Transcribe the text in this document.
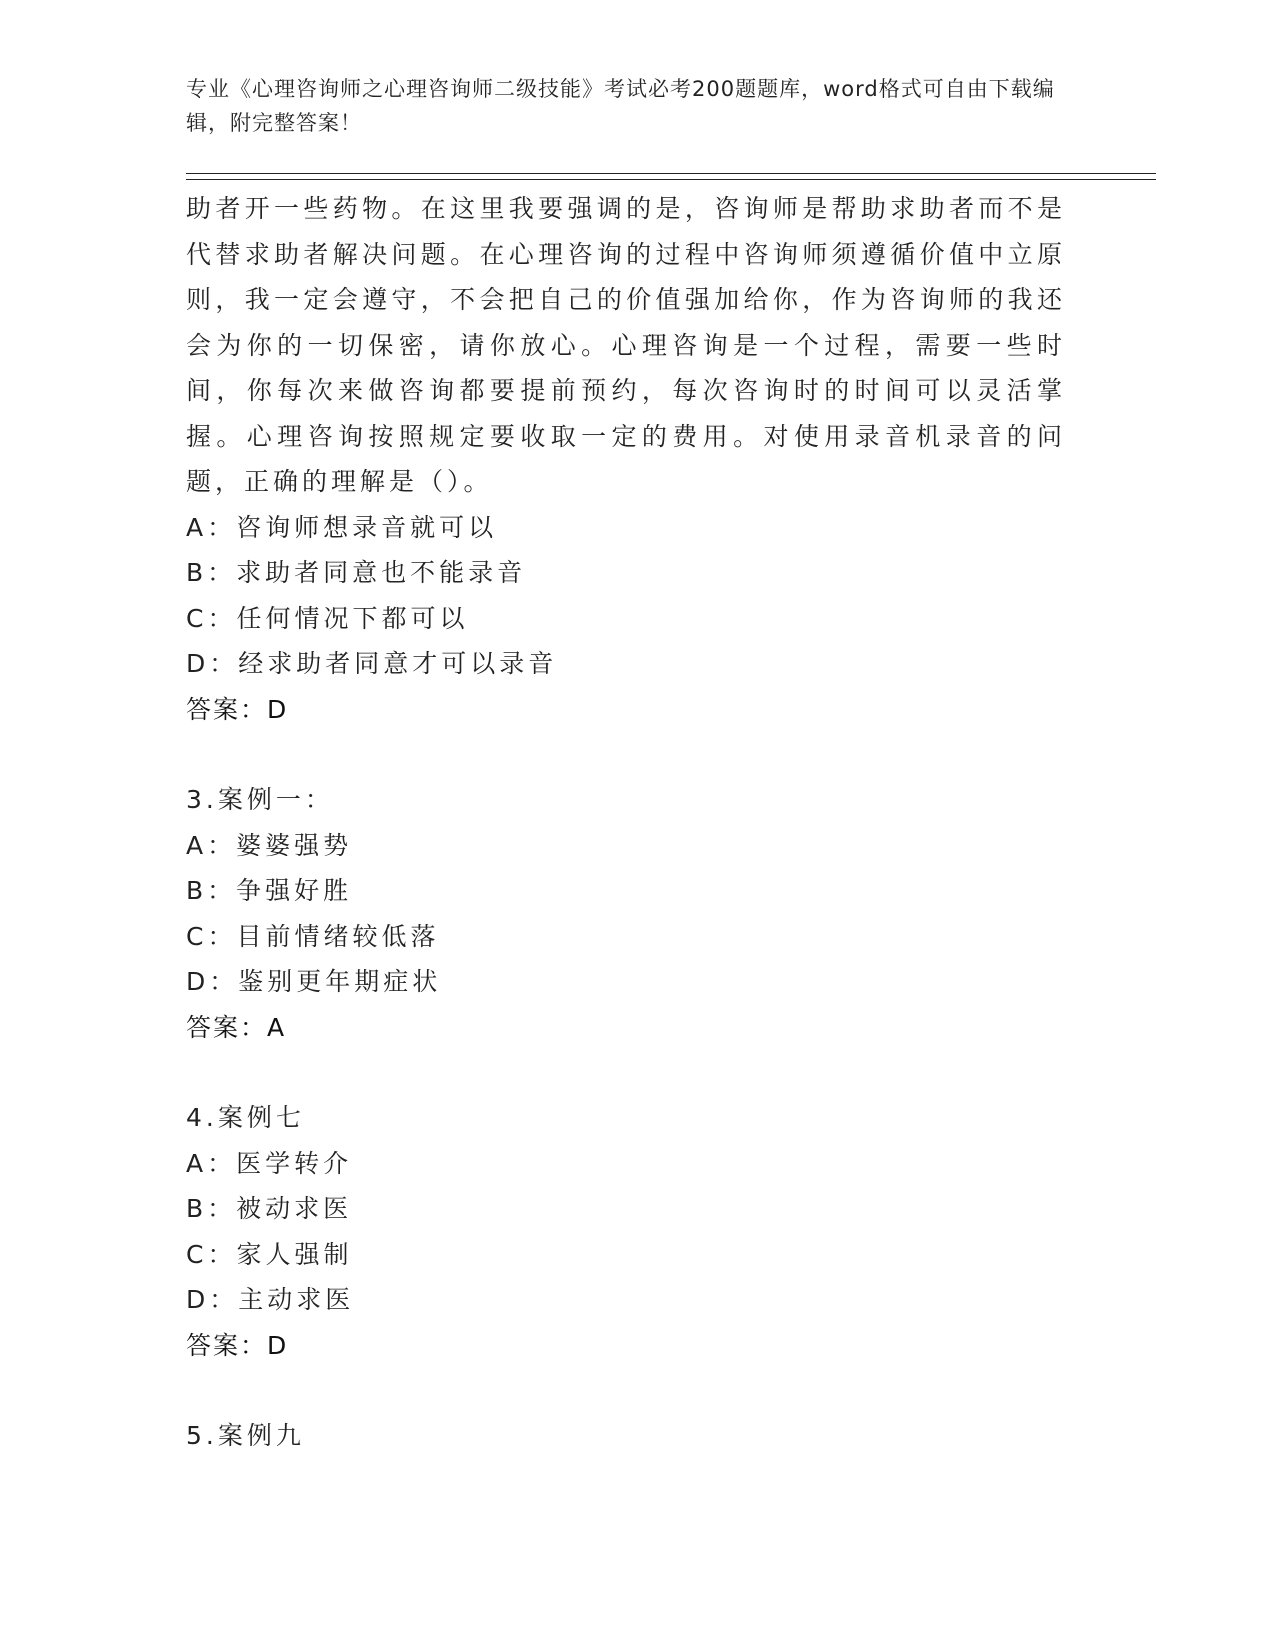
专业《心理咨询师之心理咨询师二级技能》考试必考200题题库，word格式可自由下载编辑，附完整答案！

助者开一些药物。在这里我要强调的是，咨询师是帮助求助者而不是代替求助者解决问题。在心理咨询的过程中咨询师须遵循价值中立原则，我一定会遵守，不会把自己的价值强加给你，作为咨询师的我还会为你的一切保密，请你放心。心理咨询是一个过程，需要一些时间，你每次来做咨询都要提前预约，每次咨询时的时间可以灵活掌握。心理咨询按照规定要收取一定的费用。对使用录音机录音的问题，正确的理解是（）。

A：咨询师想录音就可以

B：求助者同意也不能录音

C：任何情况下都可以

D：经求助者同意才可以录音

答案：D

3.案例一：

A：婆婆强势

B：争强好胜

C：目前情绪较低落

D：鉴别更年期症状

答案：A

4.案例七

A：医学转介

B：被动求医

C：家人强制

D：主动求医

答案：D

5.案例九
